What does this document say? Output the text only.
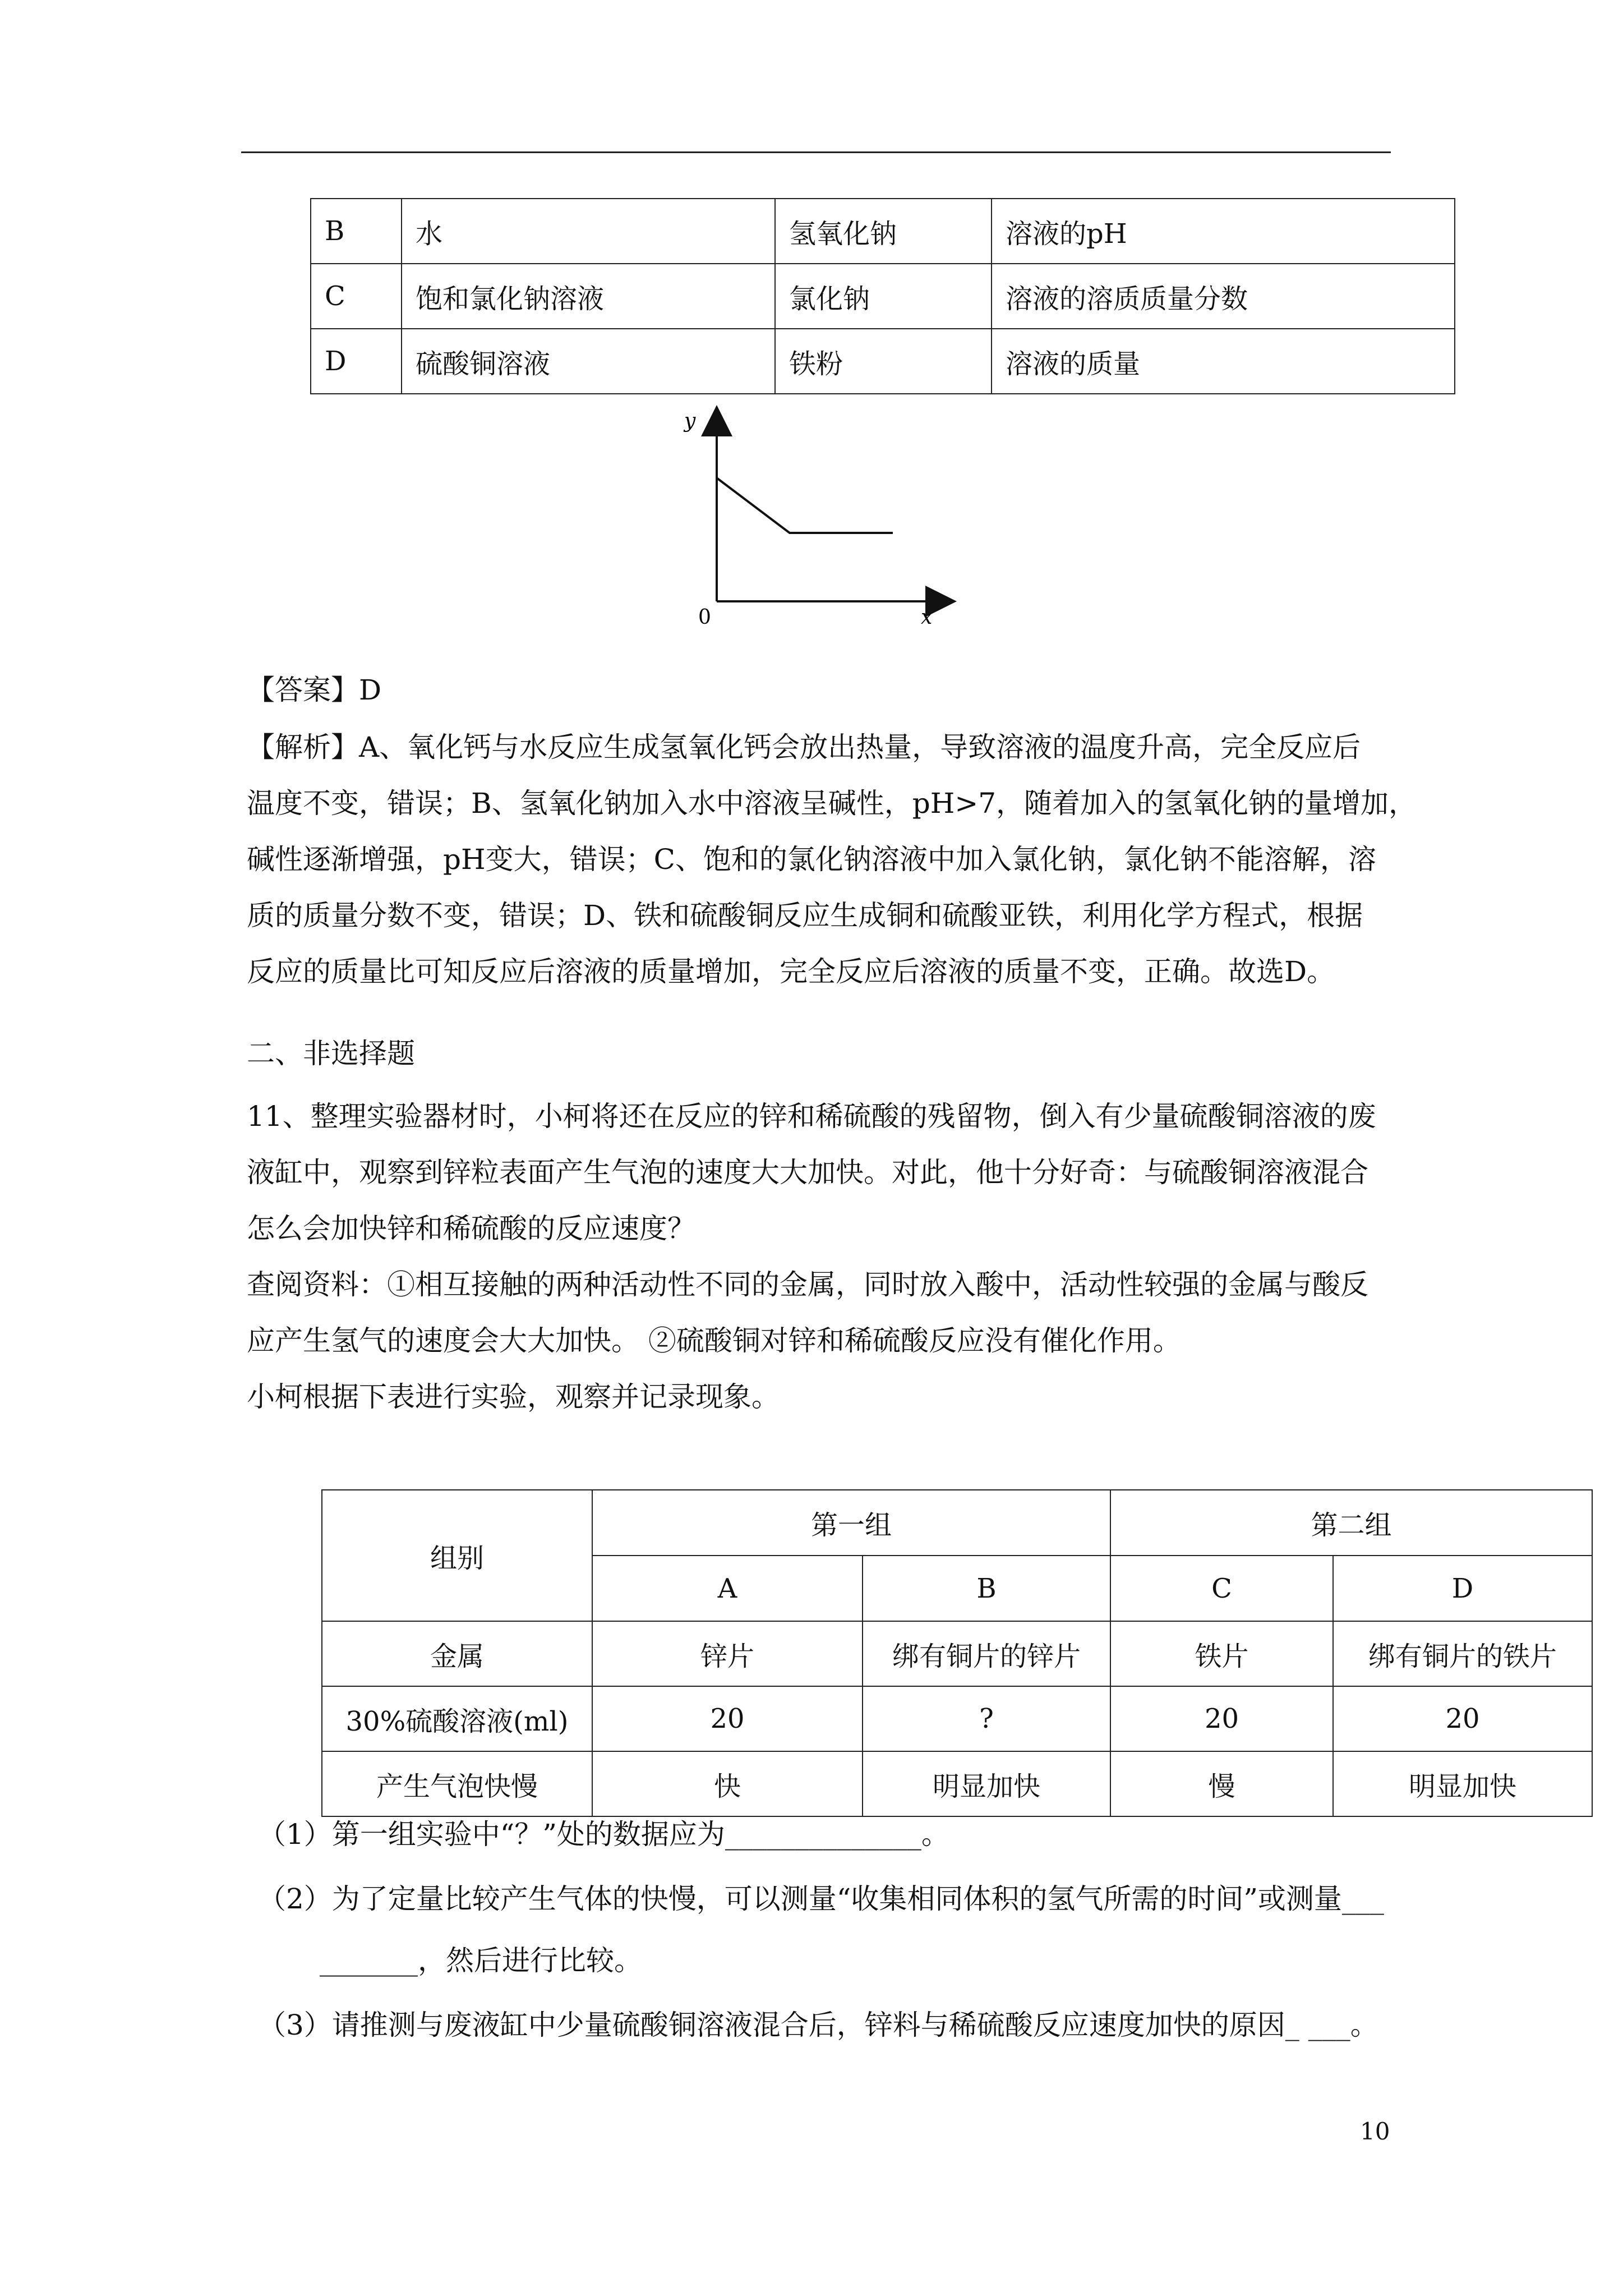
B	水	氢氧化钠	溶液的pH
C	饱和氯化钠溶液	氯化钠	溶液的溶质质量分数
D	硫酸铜溶液	铁粉	溶液的质量
y
0	x
【答案】D
【解析】A、氧化钙与水反应生成氢氧化钙会放出热量，导致溶液的温度升高，完全反应后
温度不变，错误；B、氢氧化钠加入水中溶液呈碱性，pH>7，随着加入的氢氧化钠的量增加，
碱性逐渐增强，pH变大，错误；C、饱和的氯化钠溶液中加入氯化钠，氯化钠不能溶解，溶
质的质量分数不变，错误；D、铁和硫酸铜反应生成铜和硫酸亚铁，利用化学方程式，根据
反应的质量比可知反应后溶液的质量增加，完全反应后溶液的质量不变，正确。故选D。
二、非选择题
11、整理实验器材时，小柯将还在反应的锌和稀硫酸的残留物，倒入有少量硫酸铜溶液的废
液缸中，观察到锌粒表面产生气泡的速度大大加快。对此，他十分好奇：与硫酸铜溶液混合
怎么会加快锌和稀硫酸的反应速度？
查阅资料：①相互接触的两种活动性不同的金属，同时放入酸中，活动性较强的金属与酸反
应产生氢气的速度会大大加快。 ②硫酸铜对锌和稀硫酸反应没有催化作用。
小柯根据下表进行实验，观察并记录现象。
组别	第一组		第二组	
	A	B	C	D
金属	锌片	绑有铜片的锌片	铁片	绑有铜片的铁片
30%硫酸溶液(ml)	20	?	20	20
产生气泡快慢	快	明显加快	慢	明显加快
（1）第一组实验中“？”处的数据应为______________。
（2）为了定量比较产生气体的快慢，可以测量“收集相同体积的氢气所需的时间”或测量___
_______，然后进行比较。
（3）请推测与废液缸中少量硫酸铜溶液混合后，锌料与稀硫酸反应速度加快的原因_ ___。
10
